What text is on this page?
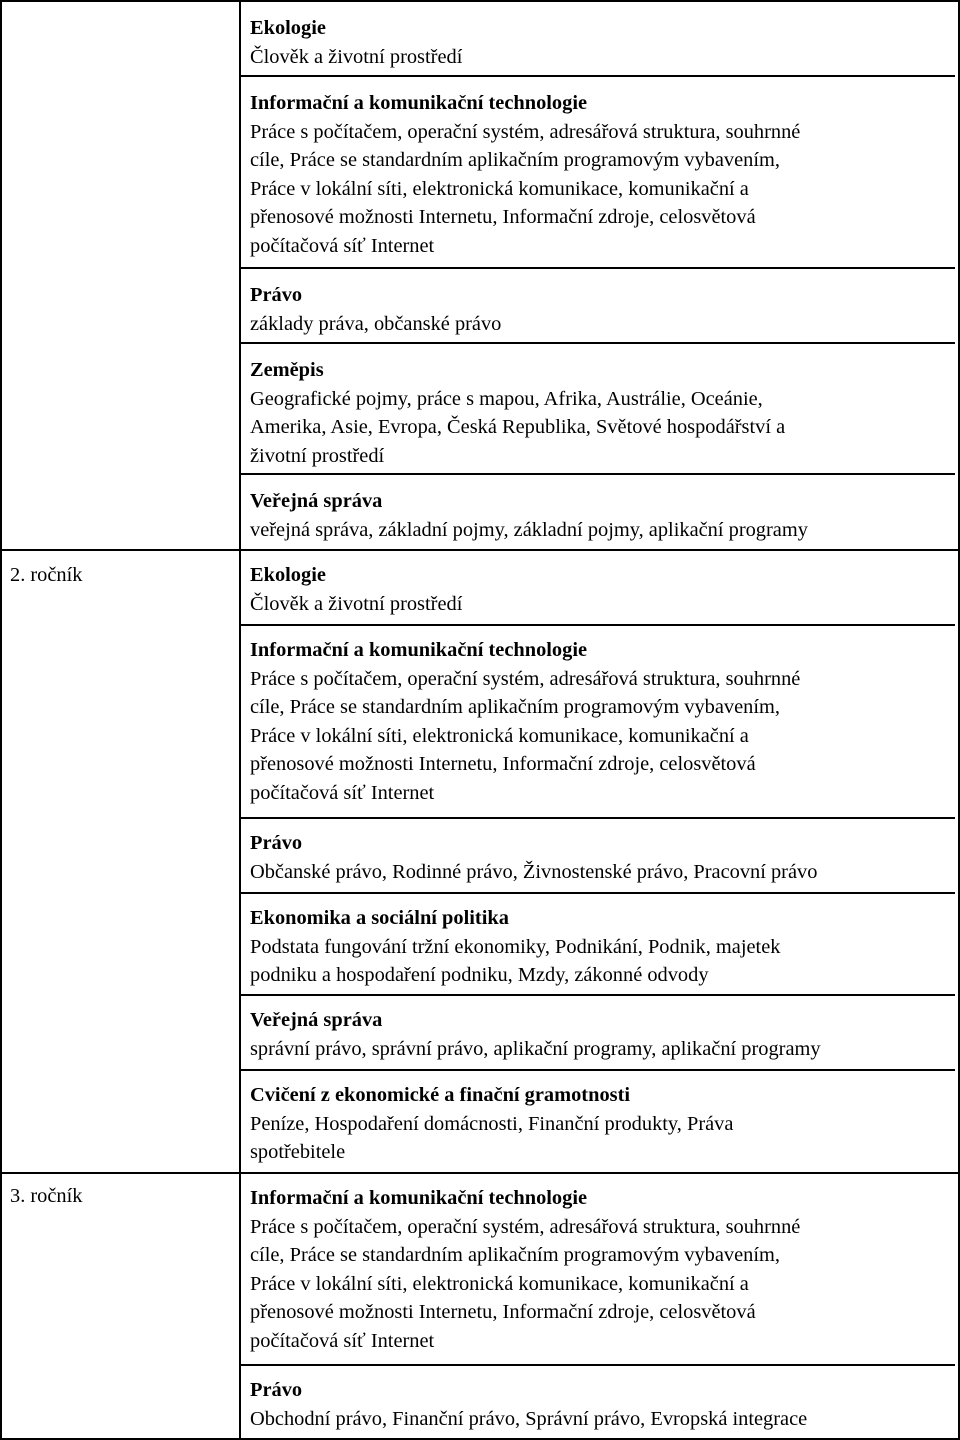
Ekologie
Člověk a životní prostředí
Informační a komunikační technologie
Práce s počítačem, operační systém, adresářová struktura, souhrnné
cíle, Práce se standardním aplikačním programovým vybavením,
Práce v lokální síti, elektronická komunikace, komunikační a
přenosové možnosti Internetu, Informační zdroje, celosvětová
počítačová síť Internet
Právo
základy práva, občanské právo
Zeměpis
Geografické pojmy, práce s mapou, Afrika, Austrálie, Oceánie,
Amerika, Asie, Evropa, Česká Republika, Světové hospodářství a
životní prostředí
Veřejná správa
veřejná správa, základní pojmy, základní pojmy, aplikační programy
2. ročník	Ekologie
Člověk a životní prostředí
Informační a komunikační technologie
Práce s počítačem, operační systém, adresářová struktura, souhrnné
cíle, Práce se standardním aplikačním programovým vybavením,
Práce v lokální síti, elektronická komunikace, komunikační a
přenosové možnosti Internetu, Informační zdroje, celosvětová
počítačová síť Internet
Právo
Občanské právo, Rodinné právo, Živnostenské právo, Pracovní právo
Ekonomika a sociální politika
Podstata fungování tržní ekonomiky, Podnikání, Podnik, majetek
podniku a hospodaření podniku, Mzdy, zákonné odvody
Veřejná správa
správní právo, správní právo, aplikační programy, aplikační programy
Cvičení z ekonomické a finační gramotnosti
Peníze, Hospodaření domácnosti, Finanční produkty, Práva
spotřebitele
3. ročník	Informační a komunikační technologie
Práce s počítačem, operační systém, adresářová struktura, souhrnné
cíle, Práce se standardním aplikačním programovým vybavením,
Práce v lokální síti, elektronická komunikace, komunikační a
přenosové možnosti Internetu, Informační zdroje, celosvětová
počítačová síť Internet
Právo
Obchodní právo, Finanční právo, Správní právo, Evropská integrace
